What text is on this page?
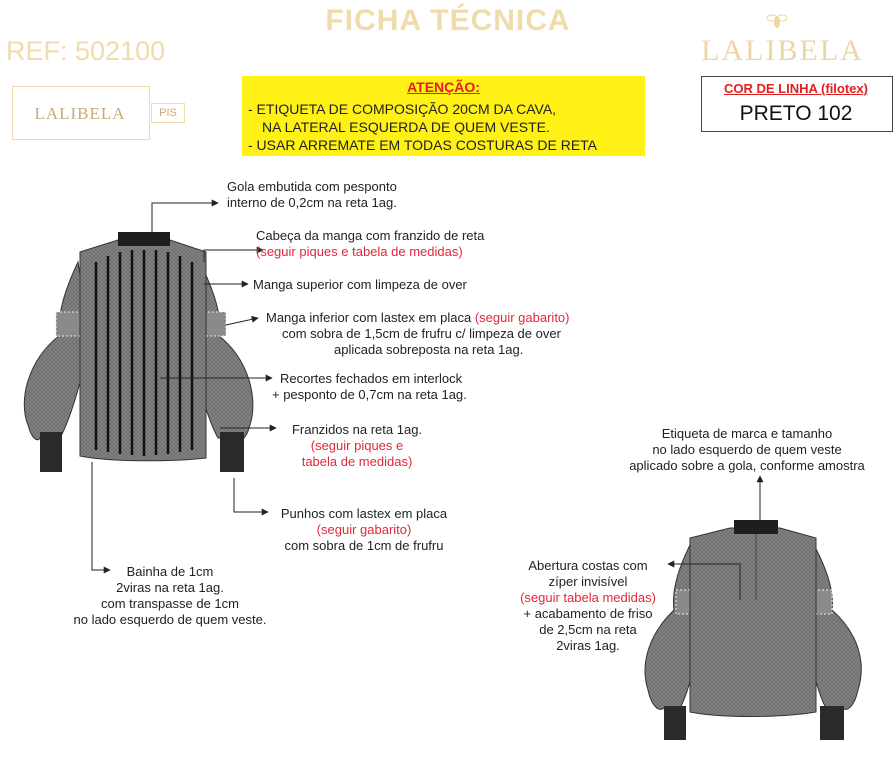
FICHA TÉCNICA
REF: 502100	LALIBELA
LALIBELA	PIS
ATENÇÃO:
- ETIQUETA DE COMPOSIÇÃO 20CM DA CAVA,
NA LATERAL ESQUERDA DE QUEM VESTE.
- USAR ARREMATE EM TODAS COSTURAS DE RETA
COR DE LINHA (filotex)
PRETO 102
Gola embutida com pesponto
interno de 0,2cm na reta 1ag.
Cabeça da manga com franzido de reta
(seguir piques e tabela de medidas)
Manga superior com limpeza de over
Manga inferior com lastex em placa (seguir gabarito)
com sobra de 1,5cm de frufru c/ limpeza de over
aplicada sobreposta na reta 1ag.
Recortes fechados em interlock
+ pesponto de 0,7cm na reta 1ag.
Franzidos na reta 1ag.
(seguir piques e
tabela de medidas)
Punhos com lastex em placa
(seguir gabarito)
com sobra de 1cm de frufru
Bainha de 1cm
2viras na reta 1ag.
com transpasse de 1cm
no lado esquerdo de quem veste.
Etiqueta de marca e tamanho
no lado esquerdo de quem veste
aplicado sobre a gola, conforme amostra
Abertura costas com
zíper invisível
(seguir tabela medidas)
+ acabamento de friso
de 2,5cm na reta
2viras 1ag.
